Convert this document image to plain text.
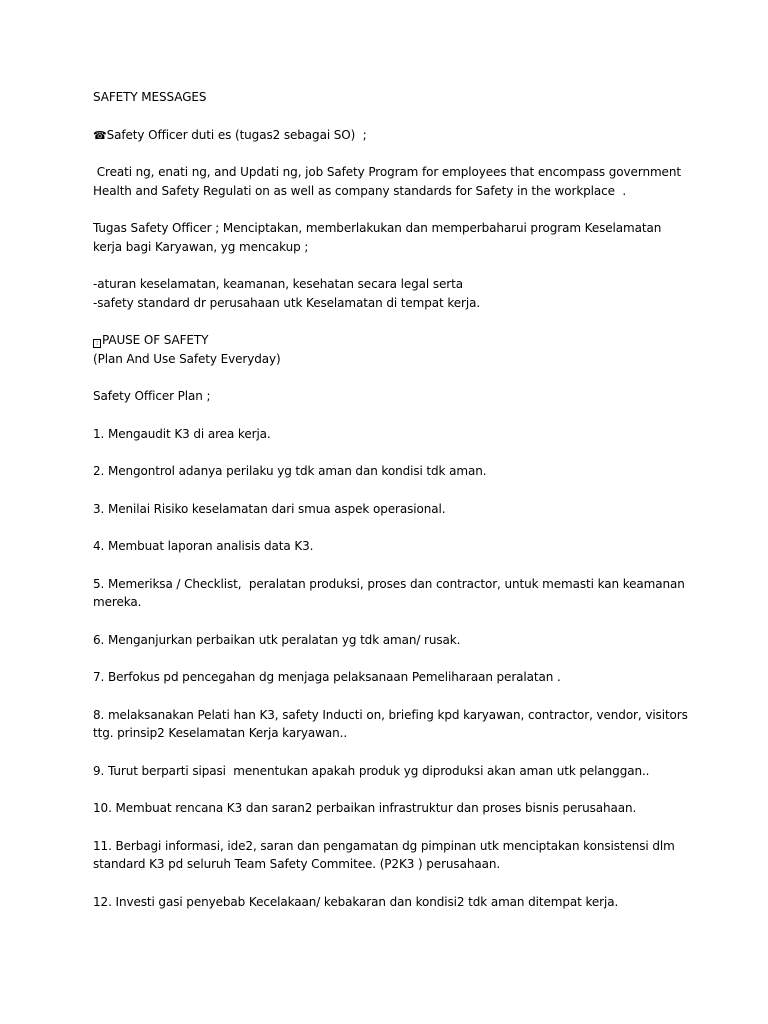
SAFETY MESSAGES

☎Safety Officer duti es (tugas2 sebagai SO)  ;

Creati ng, enati ng, and Updati ng, job Safety Program for employees that encompass government

Health and Safety Regulati on as well as company standards for Safety in the workplace  .

Tugas Safety Officer ; Menciptakan, memberlakukan dan memperbaharui program Keselamatan

kerja bagi Karyawan, yg mencakup ;

-aturan keselamatan, keamanan, kesehatan secara legal serta

-safety standard dr perusahaan utk Keselamatan di tempat kerja.

⁝ PAUSE OF SAFETY

(Plan And Use Safety Everyday)

Safety Officer Plan ;

1. Mengaudit K3 di area kerja.

2. Mengontrol adanya perilaku yg tdk aman dan kondisi tdk aman.

3. Menilai Risiko keselamatan dari smua aspek operasional.

4. Membuat laporan analisis data K3.

5. Memeriksa / Checklist,  peralatan produksi, proses dan contractor, untuk memasti kan keamanan

mereka.

6. Menganjurkan perbaikan utk peralatan yg tdk aman/ rusak.

7. Berfokus pd pencegahan dg menjaga pelaksanaan Pemeliharaan peralatan .

8. melaksanakan Pelati han K3, safety Inducti on, briefing kpd karyawan, contractor, vendor, visitors

ttg. prinsip2 Keselamatan Kerja karyawan..

9. Turut berparti sipasi  menentukan apakah produk yg diproduksi akan aman utk pelanggan..

10. Membuat rencana K3 dan saran2 perbaikan infrastruktur dan proses bisnis perusahaan.

11. Berbagi informasi, ide2, saran dan pengamatan dg pimpinan utk menciptakan konsistensi dlm

standard K3 pd seluruh Team Safety Commitee. (P2K3 ) perusahaan.

12. Investi gasi penyebab Kecelakaan/ kebakaran dan kondisi2 tdk aman ditempat kerja.
